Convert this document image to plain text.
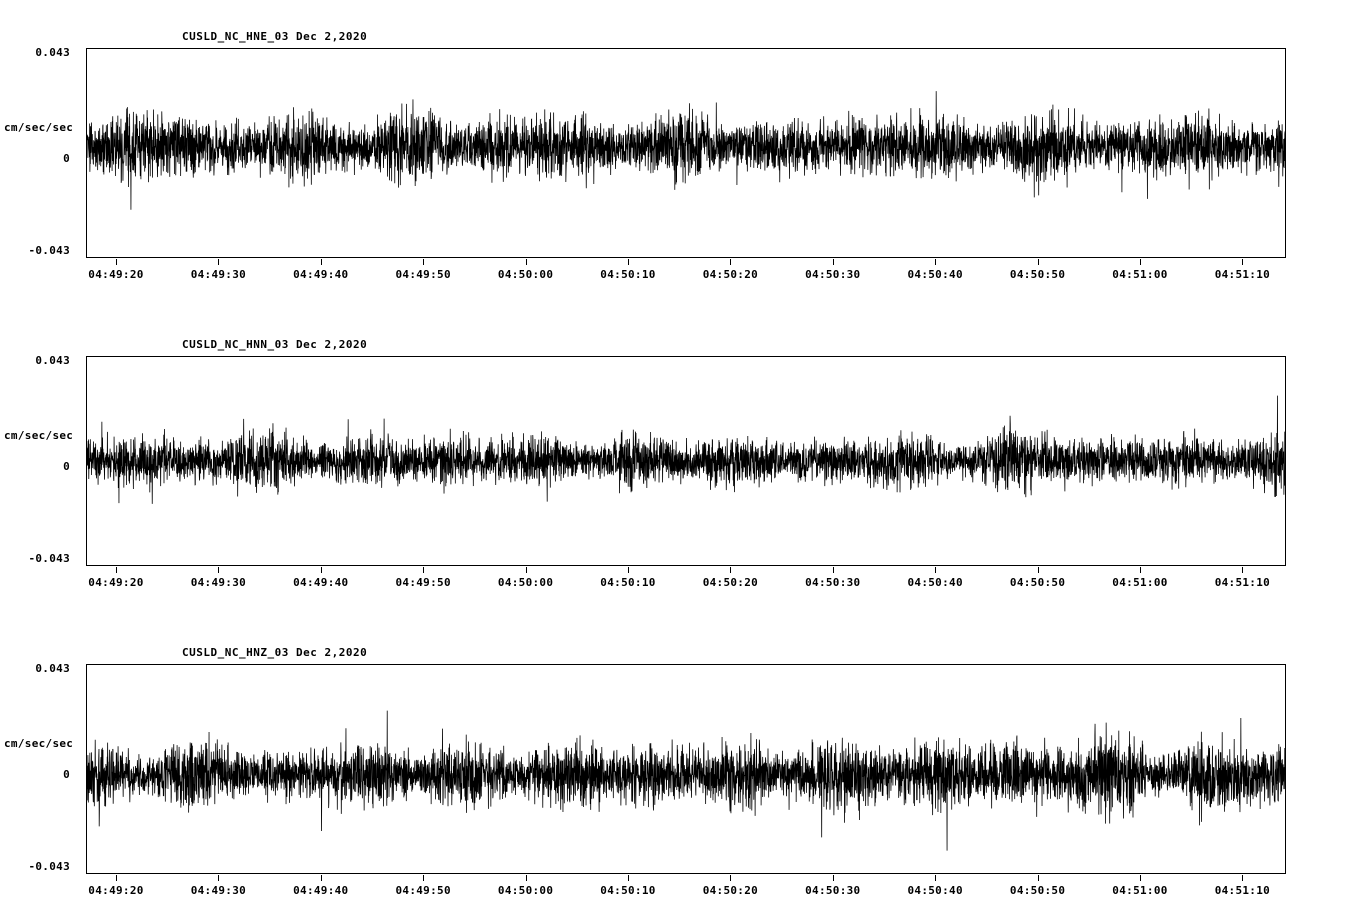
CUSLD_NC_HNE_03 Dec 2,2020
cm/sec/sec
0.043
0
-0.043
04:49:20	04:49:30	04:49:40	04:49:50	04:50:00	04:50:10	04:50:20	04:50:30	04:50:40	04:50:50	04:51:00	04:51:10
CUSLD_NC_HNN_03 Dec 2,2020
cm/sec/sec
0.043
0
-0.043
04:49:20	04:49:30	04:49:40	04:49:50	04:50:00	04:50:10	04:50:20	04:50:30	04:50:40	04:50:50	04:51:00	04:51:10
CUSLD_NC_HNZ_03 Dec 2,2020
cm/sec/sec
0.043
0
-0.043
04:49:20	04:49:30	04:49:40	04:49:50	04:50:00	04:50:10	04:50:20	04:50:30	04:50:40	04:50:50	04:51:00	04:51:10
